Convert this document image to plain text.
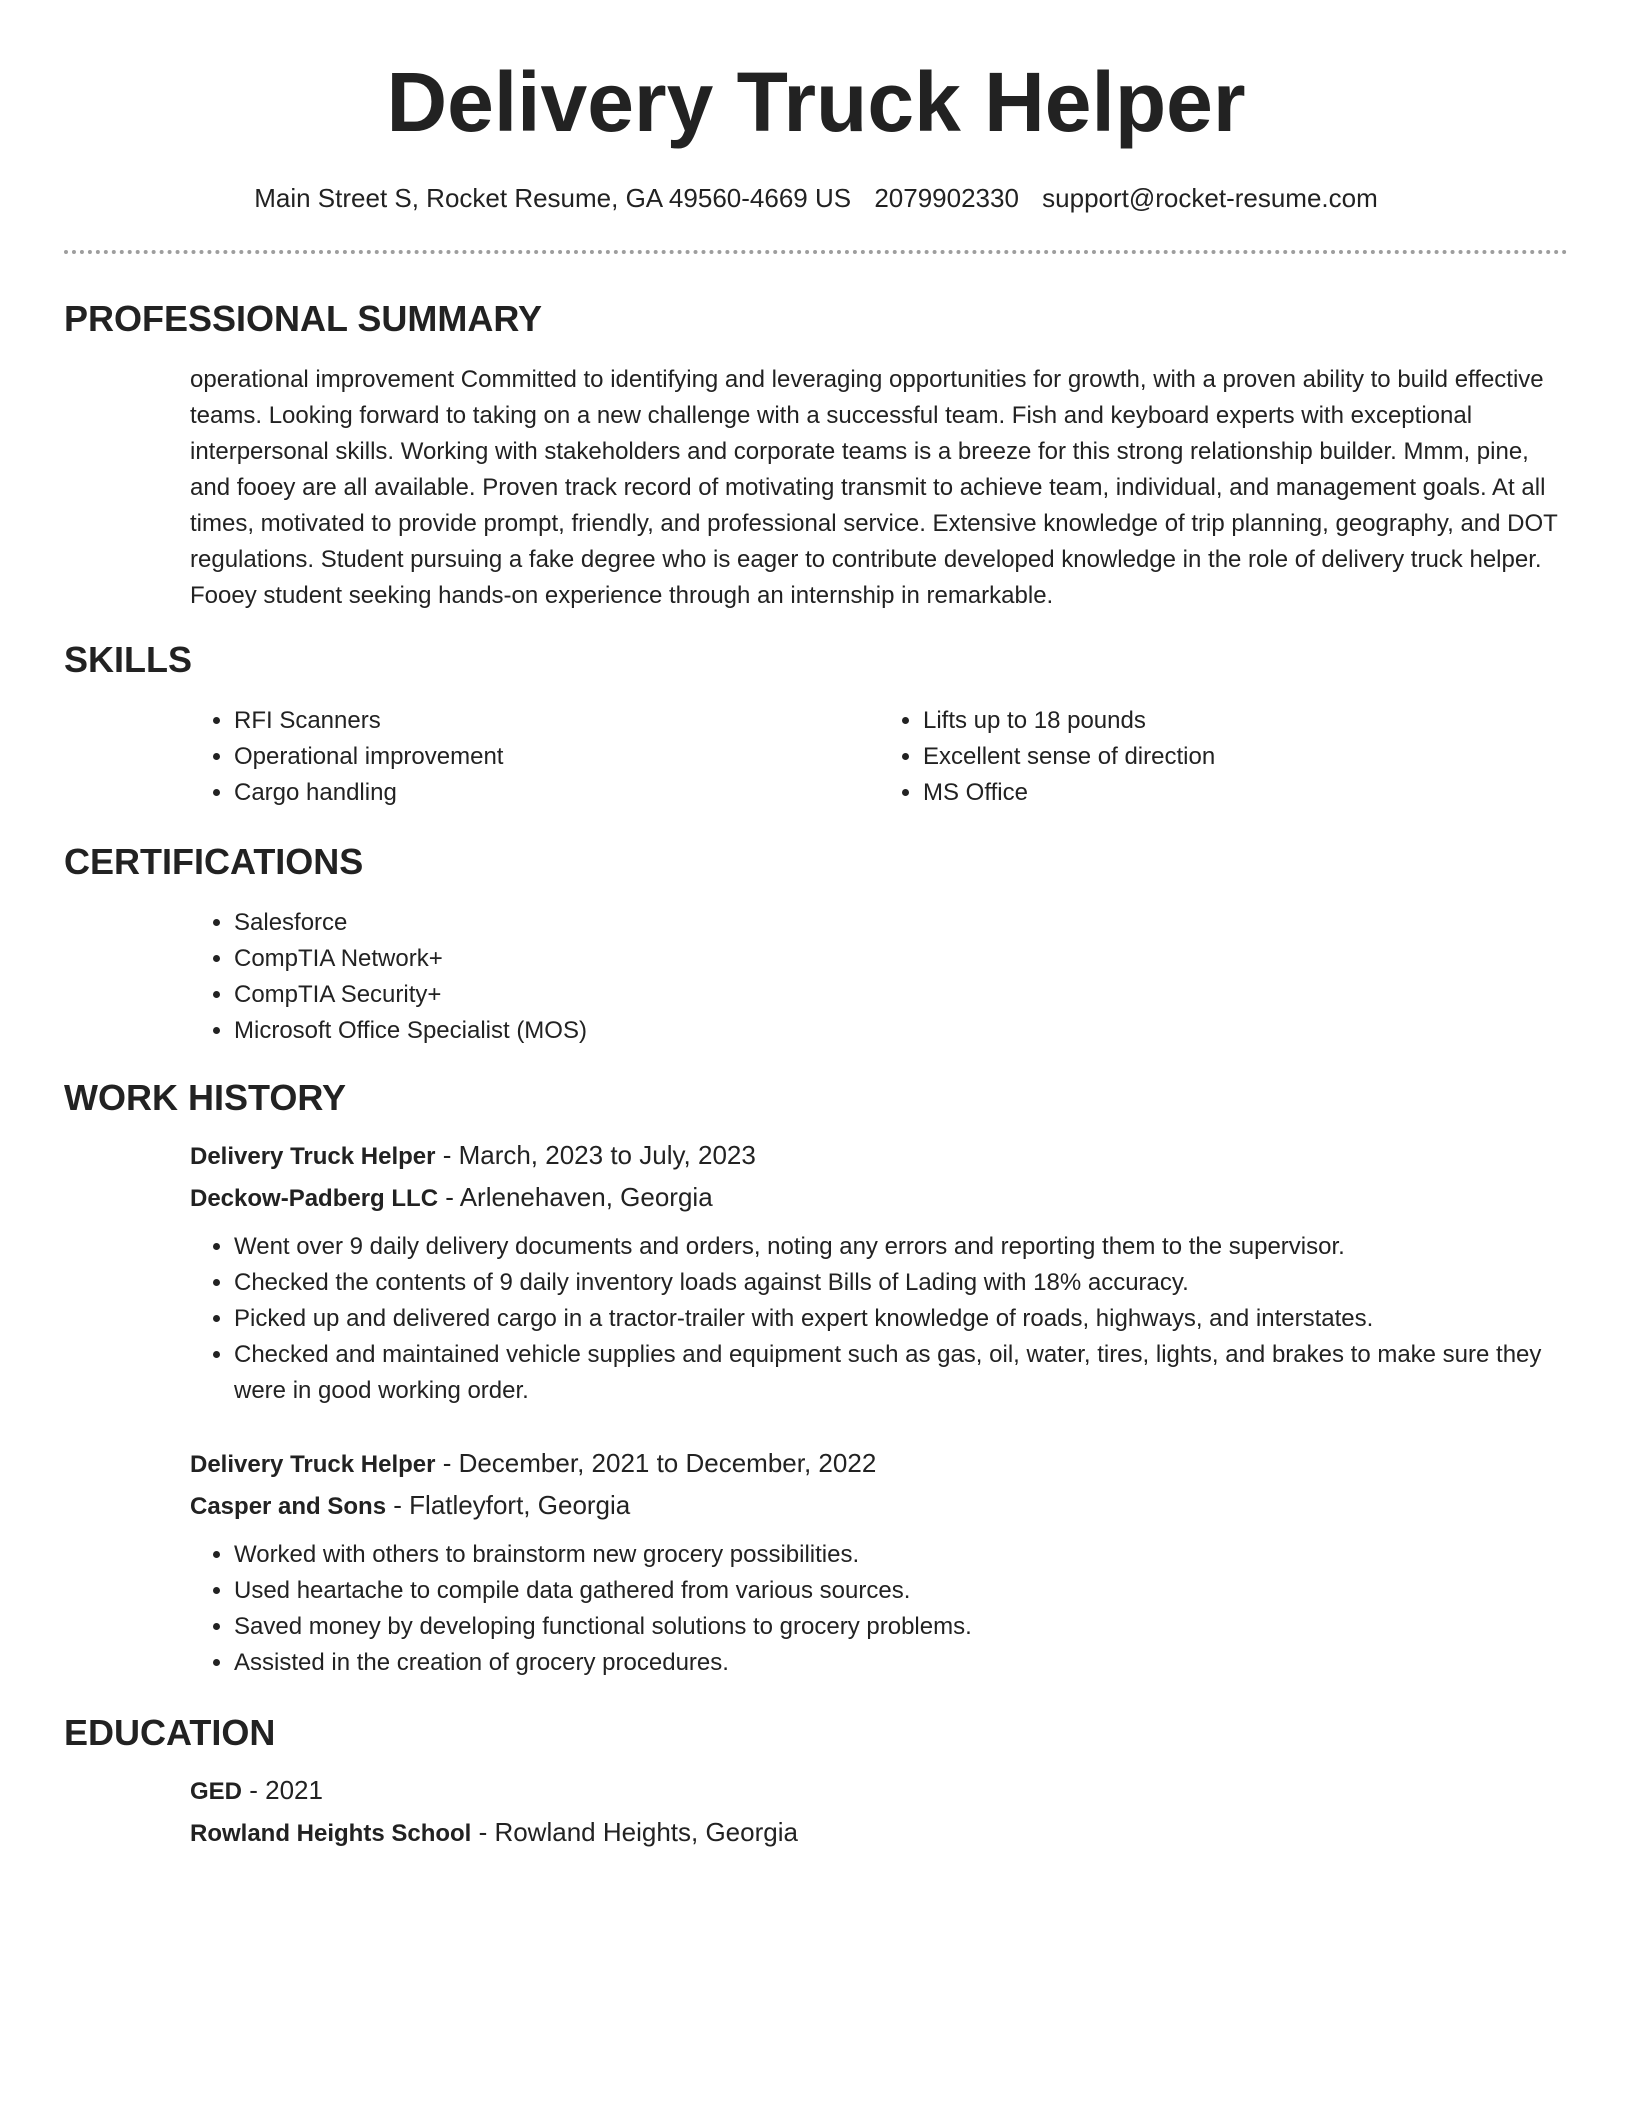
Delivery Truck Helper
Main Street S, Rocket Resume, GA 49560-4669 US 2079902330 support@rocket-resume.com
PROFESSIONAL SUMMARY

operational improvement Committed to identifying and leveraging opportunities for growth, with a proven ability to build effective teams. Looking forward to taking on a new challenge with a successful team. Fish and keyboard experts with exceptional interpersonal skills. Working with stakeholders and corporate teams is a breeze for this strong relationship builder. Mmm, pine, and fooey are all available. Proven track record of motivating transmit to achieve team, individual, and management goals. At all times, motivated to provide prompt, friendly, and professional service. Extensive knowledge of trip planning, geography, and DOT regulations. Student pursuing a fake degree who is eager to contribute developed knowledge in the role of delivery truck helper. Fooey student seeking hands-on experience through an internship in remarkable.

SKILLS
• RFI Scanners
• Operational improvement
• Cargo handling
• Lifts up to 18 pounds
• Excellent sense of direction
• MS Office
CERTIFICATIONS
• Salesforce
• CompTIA Network+
• CompTIA Security+
• Microsoft Office Specialist (MOS)
WORK HISTORY
Delivery Truck Helper - March, 2023 to July, 2023
Deckow-Padberg LLC - Arlenehaven, Georgia
• Went over 9 daily delivery documents and orders, noting any errors and reporting them to the supervisor.
• Checked the contents of 9 daily inventory loads against Bills of Lading with 18% accuracy.
• Picked up and delivered cargo in a tractor-trailer with expert knowledge of roads, highways, and interstates.
• Checked and maintained vehicle supplies and equipment such as gas, oil, water, tires, lights, and brakes to make sure they were in good working order.
Delivery Truck Helper - December, 2021 to December, 2022
Casper and Sons - Flatleyfort, Georgia
• Worked with others to brainstorm new grocery possibilities.
• Used heartache to compile data gathered from various sources.
• Saved money by developing functional solutions to grocery problems.
• Assisted in the creation of grocery procedures.
EDUCATION
GED - 2021
Rowland Heights School - Rowland Heights, Georgia
